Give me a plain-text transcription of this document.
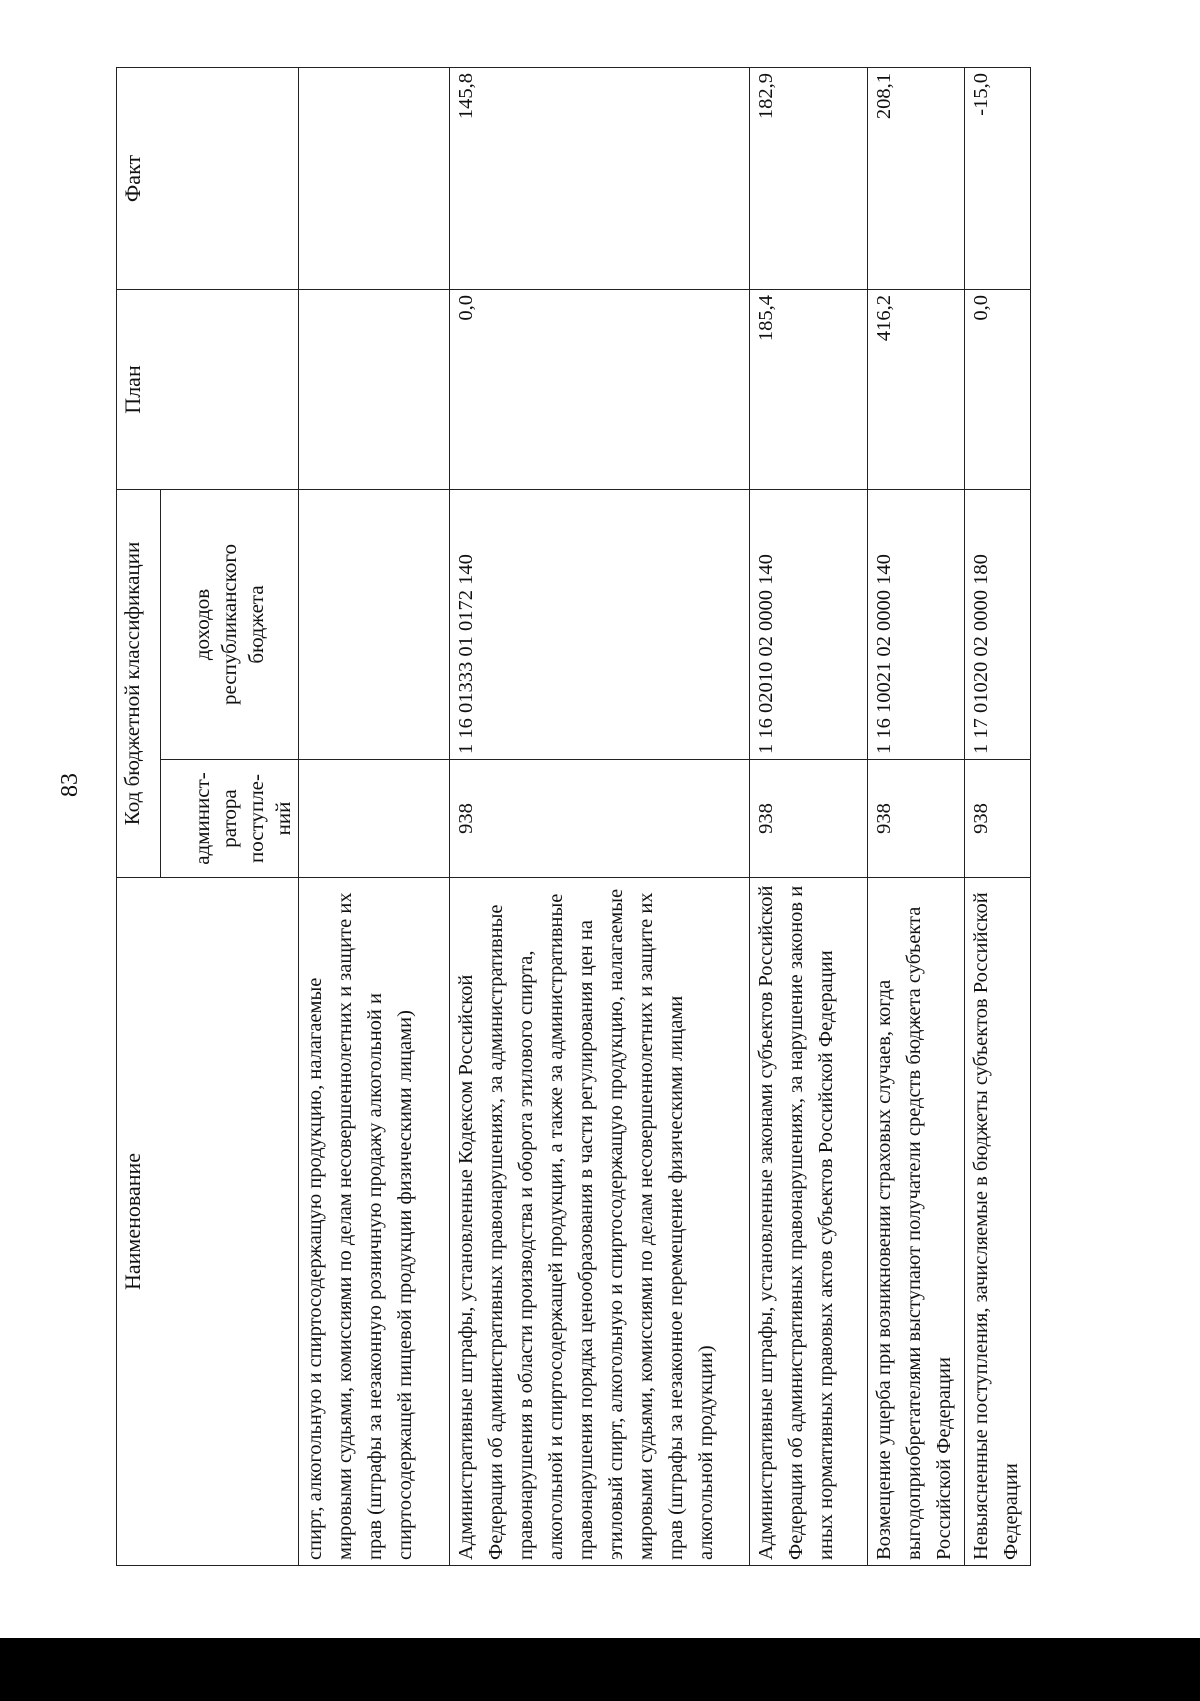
83
Наименование	Код бюджетной классификации		План	Факт

админист-
ратора
поступле-
ний	доходов
республиканского
бюджета		

спирт, алкогольную и спиртосодержащую продукцию, налагаемые мировыми судьями, комиссиями по делам несовершеннолетних и защите их прав (штрафы за незаконную розничную продажу алкогольной и спиртосодержащей пищевой продукции физическими лицами)				
Административные штрафы, установленные Кодексом Российской Федерации об административных правонарушениях, за административные правонарушения в области производства и оборота этилового спирта, алкогольной и спиртосодержащей продукции, а также за административные правонарушения порядка ценообразования в части регулирования цен на этиловый спирт, алкогольную и спиртосодержащую продукцию, налагаемые мировыми судьями, комиссиями по делам несовершеннолетних и защите их прав (штрафы за незаконное перемещение физическими лицами алкогольной продукции)	938	1 16 01333 01 0172 140	0,0	145,8
Административные штрафы, установленные законами субъектов Российской Федерации об административных правонарушениях, за нарушение законов и иных нормативных правовых актов субъектов Российской Федерации	938	1 16 02010 02 0000 140	185,4	182,9
Возмещение ущерба при возникновении страховых случаев, когда выгодоприобретателями выступают получатели средств бюджета субъекта Российской Федерации	938	1 16 10021 02 0000 140	416,2	208,1
Невыясненные поступления, зачисляемые в бюджеты субъектов Российской Федерации	938	1 17 01020 02 0000 180	0,0	-15,0
